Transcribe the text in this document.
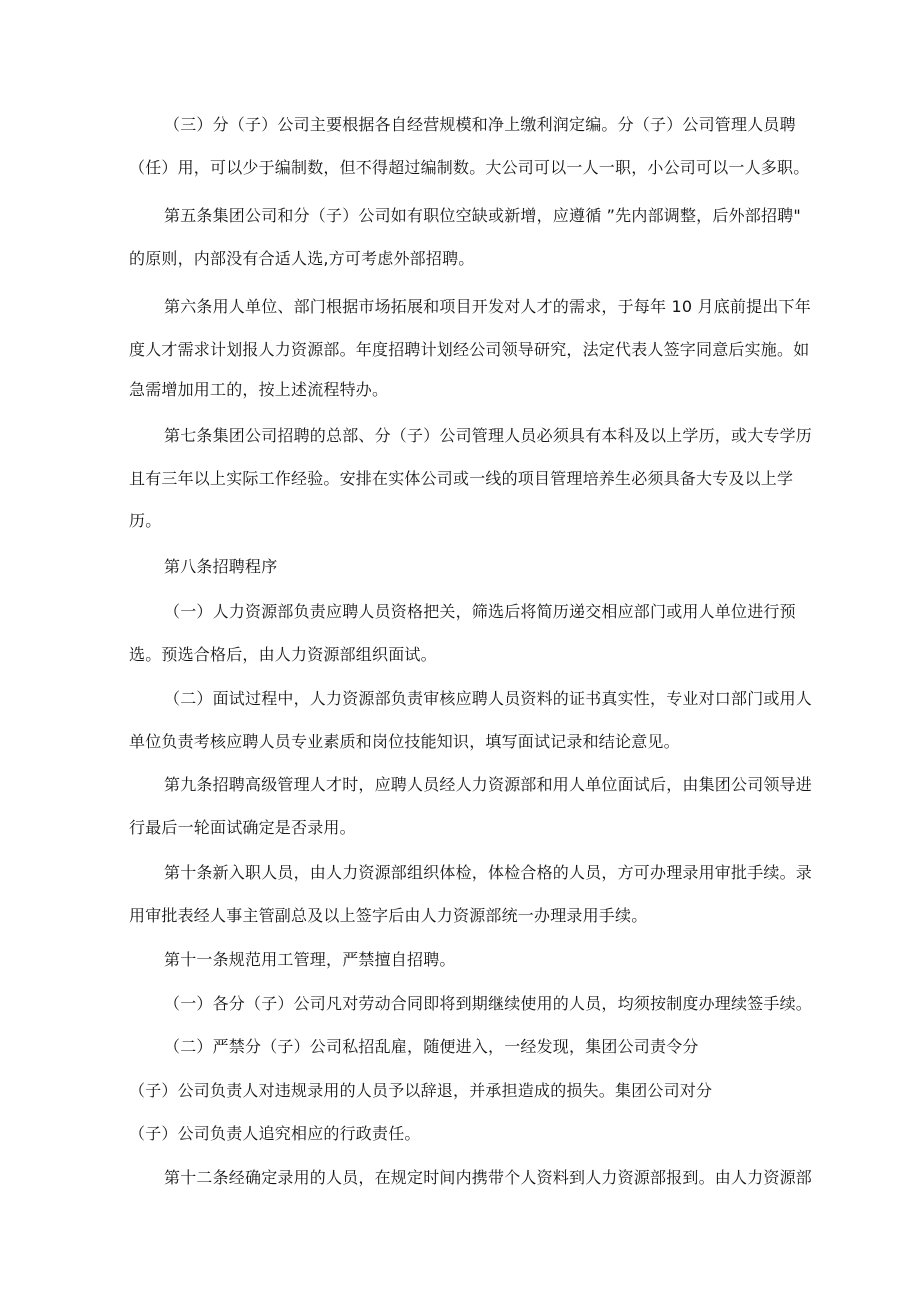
（三）分（子）公司主要根据各自经营规模和净上缴利润定编。分（子）公司管理人员聘
（任）用，可以少于编制数，但不得超过编制数。大公司可以一人一职，小公司可以一人多职。
第五条集团公司和分（子）公司如有职位空缺或新增，应遵循 ”先内部调整，后外部招聘"
的原则，内部没有合适人选,方可考虑外部招聘。
第六条用人单位、部门根据市场拓展和项目开发对人才的需求，于每年 10 月底前提出下年
度人才需求计划报人力资源部。年度招聘计划经公司领导研究，法定代表人签字同意后实施。如
急需增加用工的，按上述流程特办。
第七条集团公司招聘的总部、分（子）公司管理人员必须具有本科及以上学历，或大专学历
且有三年以上实际工作经验。安排在实体公司或一线的项目管理培养生必须具备大专及以上学
历。
第八条招聘程序
（一）人力资源部负责应聘人员资格把关，筛选后将简历递交相应部门或用人单位进行预
选。预选合格后，由人力资源部组织面试。
（二）面试过程中，人力资源部负责审核应聘人员资料的证书真实性，专业对口部门或用人
单位负责考核应聘人员专业素质和岗位技能知识，填写面试记录和结论意见。
第九条招聘高级管理人才时，应聘人员经人力资源部和用人单位面试后，由集团公司领导进
行最后一轮面试确定是否录用。
第十条新入职人员，由人力资源部组织体检，体检合格的人员，方可办理录用审批手续。录
用审批表经人事主管副总及以上签字后由人力资源部统一办理录用手续。
第十一条规范用工管理，严禁擅自招聘。
（一）各分（子）公司凡对劳动合同即将到期继续使用的人员，均须按制度办理续签手续。
（二）严禁分（子）公司私招乱雇，随便进入，一经发现，集团公司责令分
（子）公司负责人对违规录用的人员予以辞退，并承担造成的损失。集团公司对分
（子）公司负责人追究相应的行政责任。
第十二条经确定录用的人员，在规定时间内携带个人资料到人力资源部报到。由人力资源部
